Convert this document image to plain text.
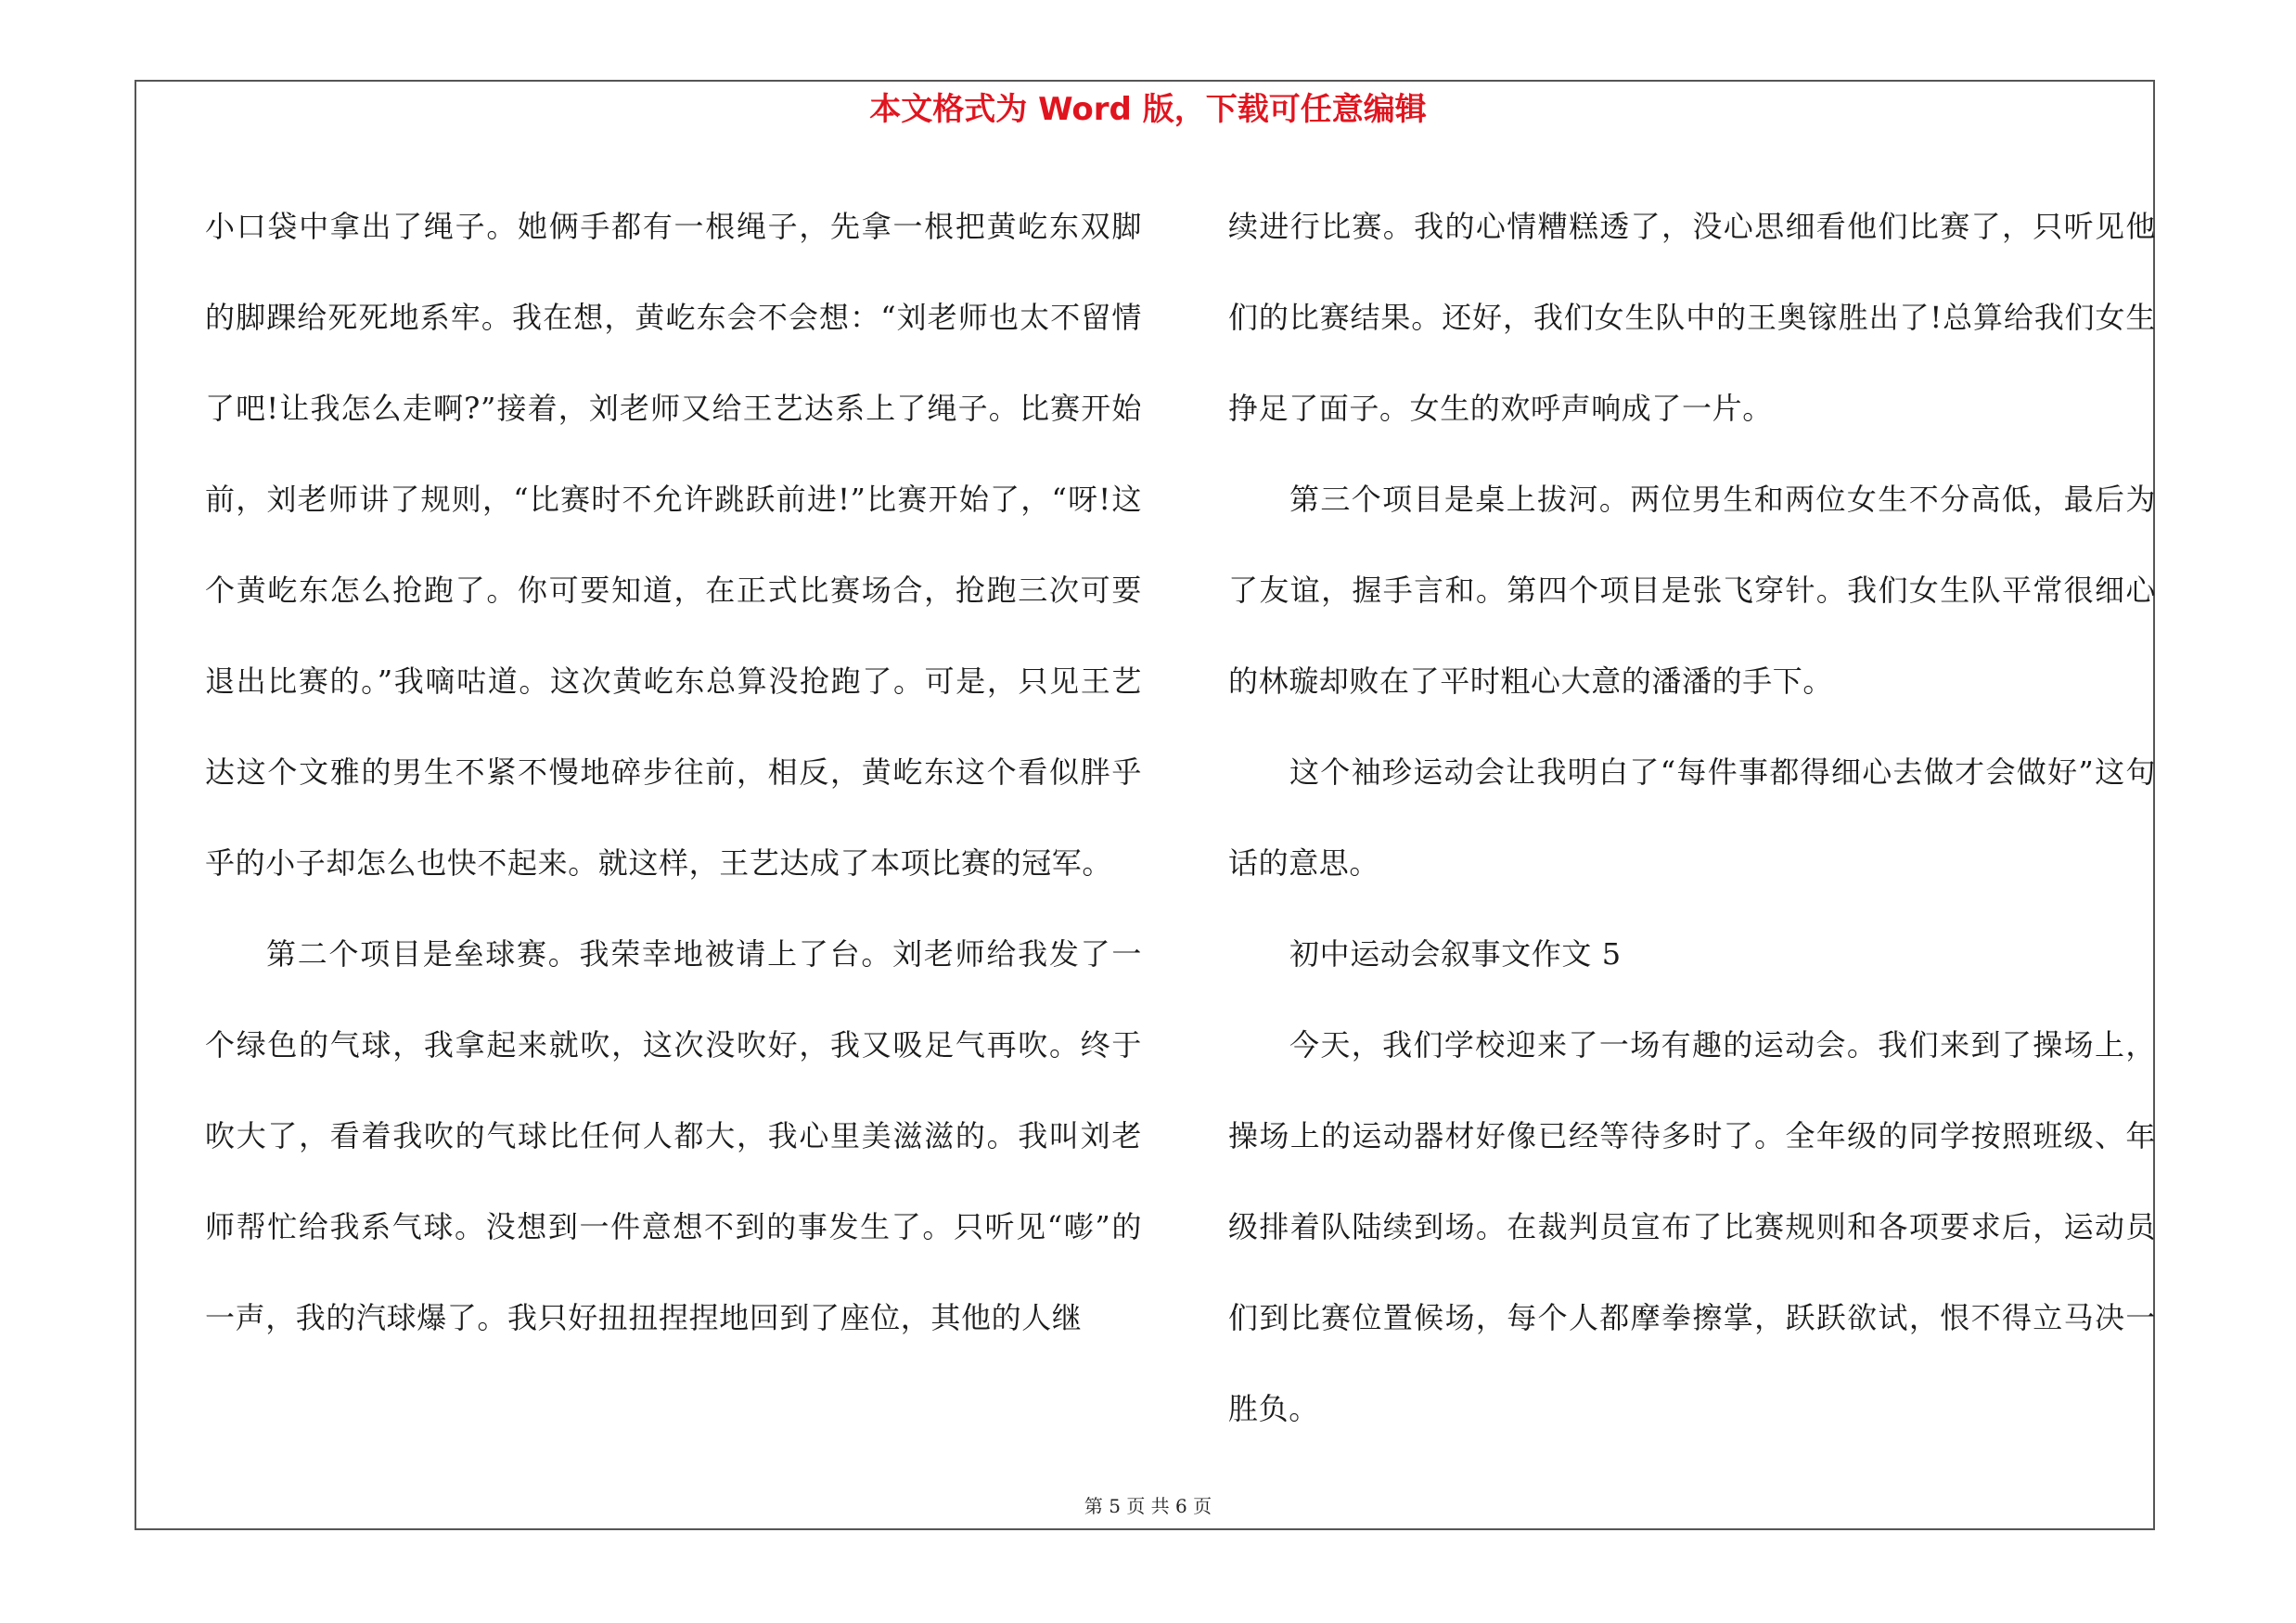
本文格式为 Word 版，下载可任意编辑

小口袋中拿出了绳子。她俩手都有一根绳子，先拿一根把黄屹东双脚的脚踝给死死地系牢。我在想，黄屹东会不会想：“刘老师也太不留情了吧!让我怎么走啊?”接着，刘老师又给王艺达系上了绳子。比赛开始前，刘老师讲了规则，“比赛时不允许跳跃前进!”比赛开始了，“呀!这个黄屹东怎么抢跑了。你可要知道，在正式比赛场合，抢跑三次可要退出比赛的。”我嘀咕道。这次黄屹东总算没抢跑了。可是，只见王艺达这个文雅的男生不紧不慢地碎步往前，相反，黄屹东这个看似胖乎乎的小子却怎么也快不起来。就这样，王艺达成了本项比赛的冠军。

第二个项目是垒球赛。我荣幸地被请上了台。刘老师给我发了一个绿色的气球，我拿起来就吹，这次没吹好，我又吸足气再吹。终于吹大了，看着我吹的气球比任何人都大，我心里美滋滋的。我叫刘老师帮忙给我系气球。没想到一件意想不到的事发生了。只听见“嘭”的一声，我的汽球爆了。我只好扭扭捏捏地回到了座位，其他的人继

续进行比赛。我的心情糟糕透了，没心思细看他们比赛了，只听见他们的比赛结果。还好，我们女生队中的王奥镓胜出了!总算给我们女生挣足了面子。女生的欢呼声响成了一片。

第三个项目是桌上拔河。两位男生和两位女生不分高低，最后为了友谊，握手言和。第四个项目是张飞穿针。我们女生队平常很细心的林璇却败在了平时粗心大意的潘潘的手下。

这个袖珍运动会让我明白了“每件事都得细心去做才会做好”这句话的意思。

初中运动会叙事文作文 5

今天，我们学校迎来了一场有趣的运动会。我们来到了操场上，操场上的运动器材好像已经等待多时了。全年级的同学按照班级、年级排着队陆续到场。在裁判员宣布了比赛规则和各项要求后，运动员们到比赛位置候场，每个人都摩拳擦掌，跃跃欲试，恨不得立马决一胜负。

第 5 页 共 6 页
